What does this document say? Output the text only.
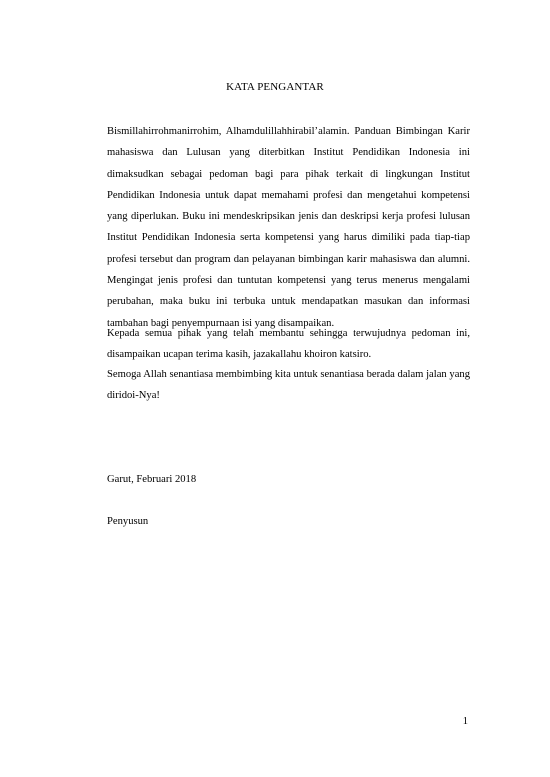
KATA PENGANTAR

Bismillahirrohmanirrohim, Alhamdulillahhirabil’alamin. Panduan Bimbingan Karir mahasiswa dan Lulusan yang diterbitkan Institut Pendidikan Indonesia ini dimaksudkan sebagai pedoman bagi para pihak terkait di lingkungan Institut Pendidikan Indonesia untuk dapat memahami profesi dan mengetahui kompetensi yang diperlukan. Buku ini mendeskripsikan jenis dan deskripsi kerja profesi lulusan Institut Pendidikan Indonesia serta kompetensi yang harus dimiliki pada tiap-tiap profesi tersebut dan program dan pelayanan bimbingan karir mahasiswa dan alumni. Mengingat jenis profesi dan tuntutan kompetensi yang terus menerus mengalami perubahan, maka buku ini terbuka untuk mendapatkan masukan dan informasi tambahan bagi penyempurnaan isi yang disampaikan.

Kepada semua pihak yang telah membantu sehingga terwujudnya pedoman ini, disampaikan ucapan terima kasih, jazakallahu khoiron katsiro.

Semoga Allah senantiasa membimbing kita untuk senantiasa berada dalam jalan yang diridoi-Nya!

Garut, Februari 2018
Penyusun
1
